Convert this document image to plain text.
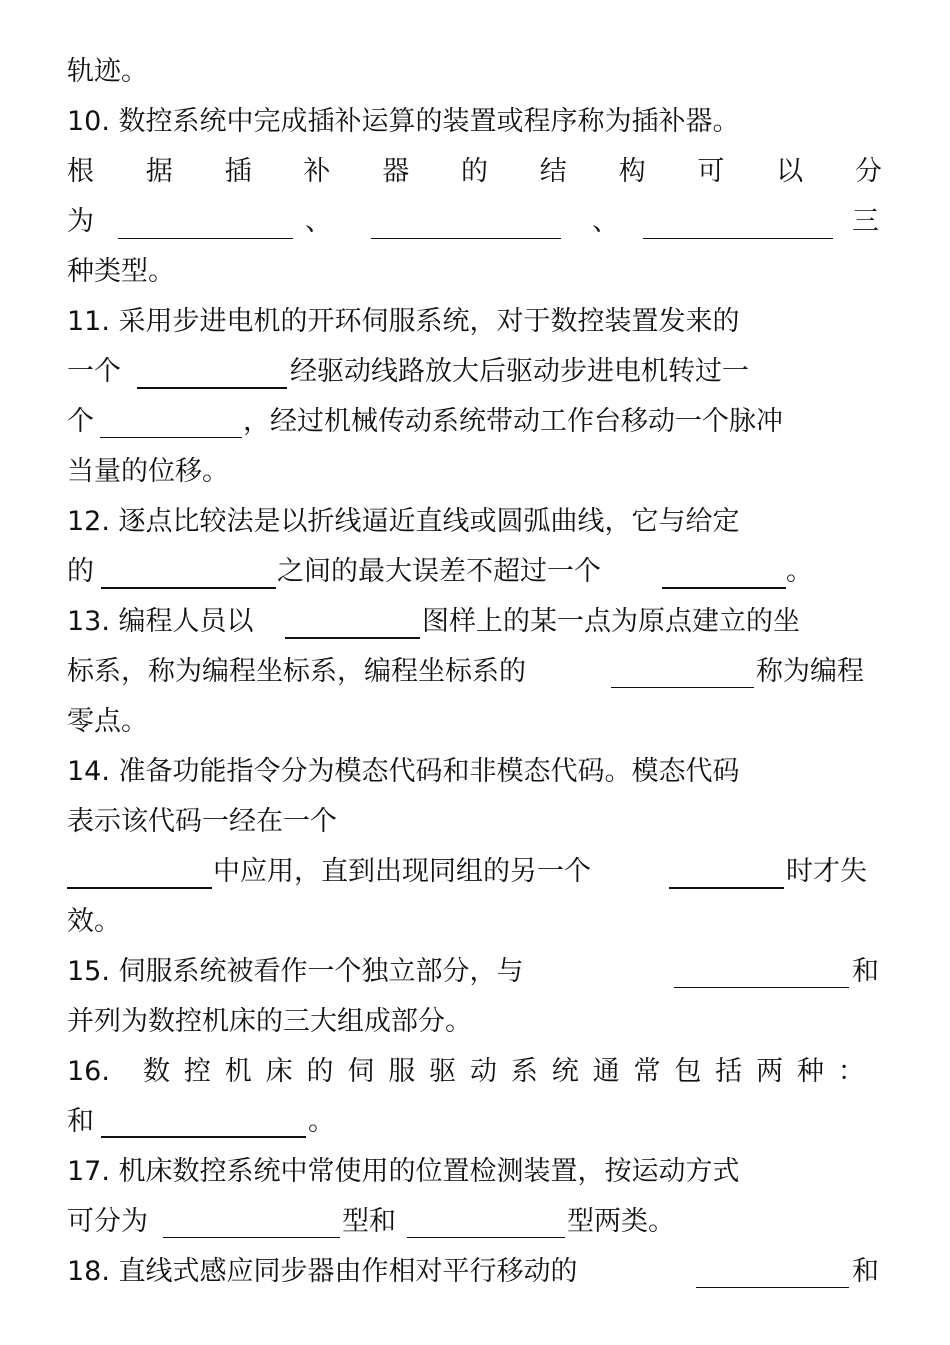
轨迹。
10. 数控系统中完成插补运算的装置或程序称为插补器。
根 据 插 补 器 的 结 构 可 以 分
为	、	、	三
种类型。
11. 采用步进电机的开环伺服系统，对于数控装置发来的
一个	经驱动线路放大后驱动步进电机转过一
个	，经过机械传动系统带动工作台移动一个脉冲
当量的位移。
12. 逐点比较法是以折线逼近直线或圆弧曲线，它与给定
的	之间的最大误差不超过一个	。
13. 编程人员以	图样上的某一点为原点建立的坐
标系，称为编程坐标系，编程坐标系的	称为编程
零点。
14. 准备功能指令分为模态代码和非模态代码。模态代码
表示该代码一经在一个
中应用，直到出现同组的另一个	时才失
效。
15. 伺服系统被看作一个独立部分，与	和
并列为数控机床的三大组成部分。
16. 数 控 机 床 的 伺 服 驱 动 系 统 通 常 包 括 两 种 ：
和	。
17. 机床数控系统中常使用的位置检测装置，按运动方式
可分为	型和	型两类。
18. 直线式感应同步器由作相对平行移动的	和
